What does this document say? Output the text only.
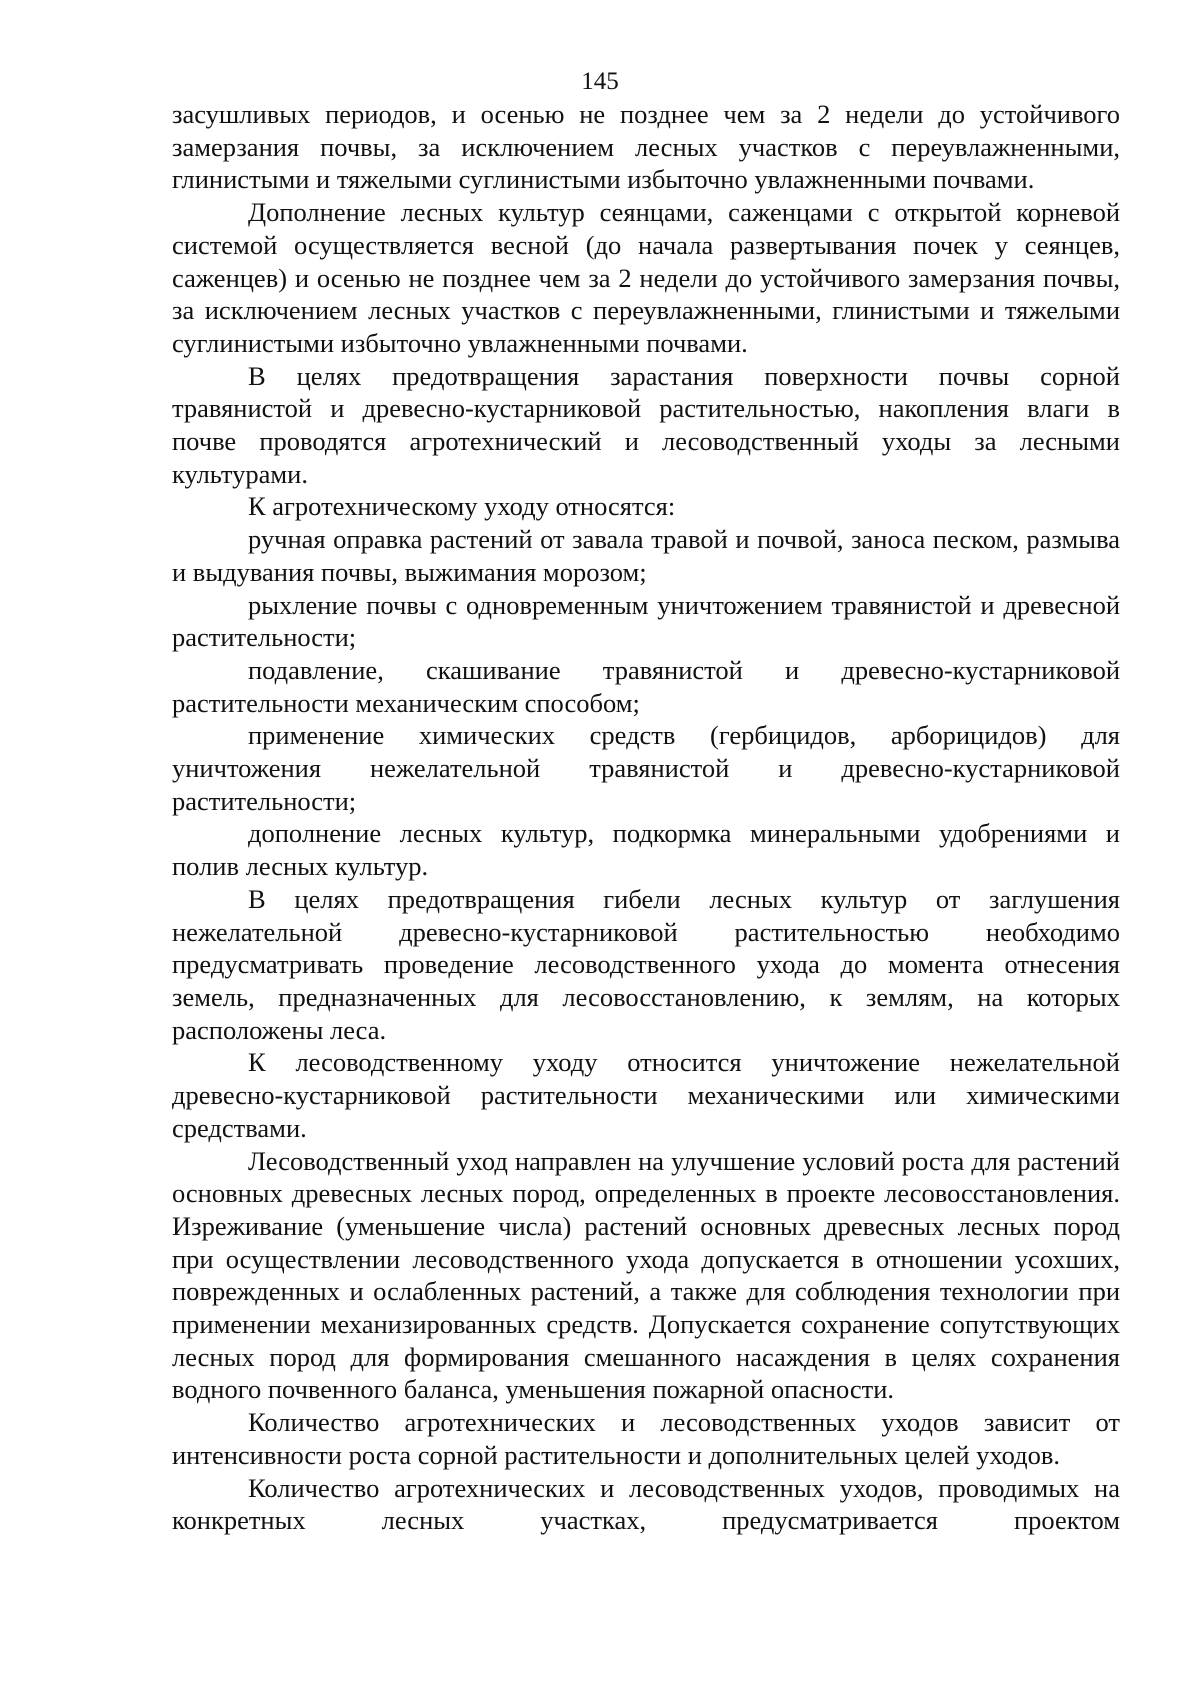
145

засушливых периодов, и осенью не позднее чем за 2 недели до устойчивого замерзания почвы, за исключением лесных участков с переувлажненными, глинистыми и тяжелыми суглинистыми избыточно увлажненными почвами.

Дополнение лесных культур сеянцами, саженцами с открытой корневой системой осуществляется весной (до начала развертывания почек у сеянцев, саженцев) и осенью не позднее чем за 2 недели до устойчивого замерзания почвы, за исключением лесных участков с переувлажненными, глинистыми и тяжелыми суглинистыми избыточно увлажненными почвами.

В целях предотвращения зарастания поверхности почвы сорной травянистой и древесно-кустарниковой растительностью, накопления влаги в почве проводятся агротехнический и лесоводственный уходы за лесными культурами.

К агротехническому уходу относятся:

ручная оправка растений от завала травой и почвой, заноса песком, размыва и выдувания почвы, выжимания морозом;

рыхление почвы с одновременным уничтожением травянистой и древесной растительности;

подавление, скашивание травянистой и древесно-кустарниковой растительности механическим способом;

применение химических средств (гербицидов, арборицидов) для уничтожения нежелательной травянистой и древесно-кустарниковой растительности;

дополнение лесных культур, подкормка минеральными удобрениями и полив лесных культур.

В целях предотвращения гибели лесных культур от заглушения нежелательной древесно-кустарниковой растительностью необходимо предусматривать проведение лесоводственного ухода до момента отнесения земель, предназначенных для лесовосстановлению, к землям, на которых расположены леса.

К лесоводственному уходу относится уничтожение нежелательной древесно-кустарниковой растительности механическими или химическими средствами.

Лесоводственный уход направлен на улучшение условий роста для растений основных древесных лесных пород, определенных в проекте лесовосстановления. Изреживание (уменьшение числа) растений основных древесных лесных пород при осуществлении лесоводственного ухода допускается в отношении усохших, поврежденных и ослабленных растений, а также для соблюдения технологии при применении механизированных средств. Допускается сохранение сопутствующих лесных пород для формирования смешанного насаждения в целях сохранения водного почвенного баланса, уменьшения пожарной опасности.

Количество агротехнических и лесоводственных уходов зависит от интенсивности роста сорной растительности и дополнительных целей уходов.

Количество агротехнических и лесоводственных уходов, проводимых на конкретных лесных участках, предусматривается проектом
